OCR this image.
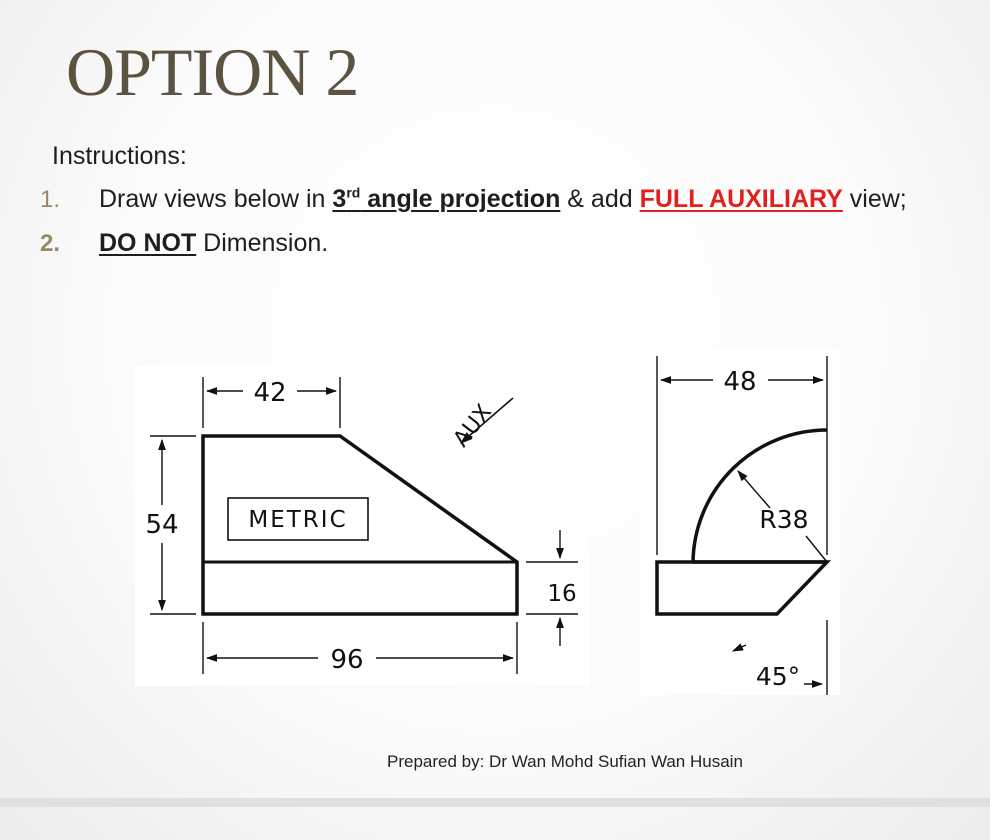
OPTION 2
Instructions:
1. Draw views below in 3rd angle projection & add FULL AUXILIARY view;
2. DO NOT Dimension.
42
54
96
16
METRIC
AUX
48
R38
45°
Prepared by: Dr Wan Mohd Sufian Wan Husain
